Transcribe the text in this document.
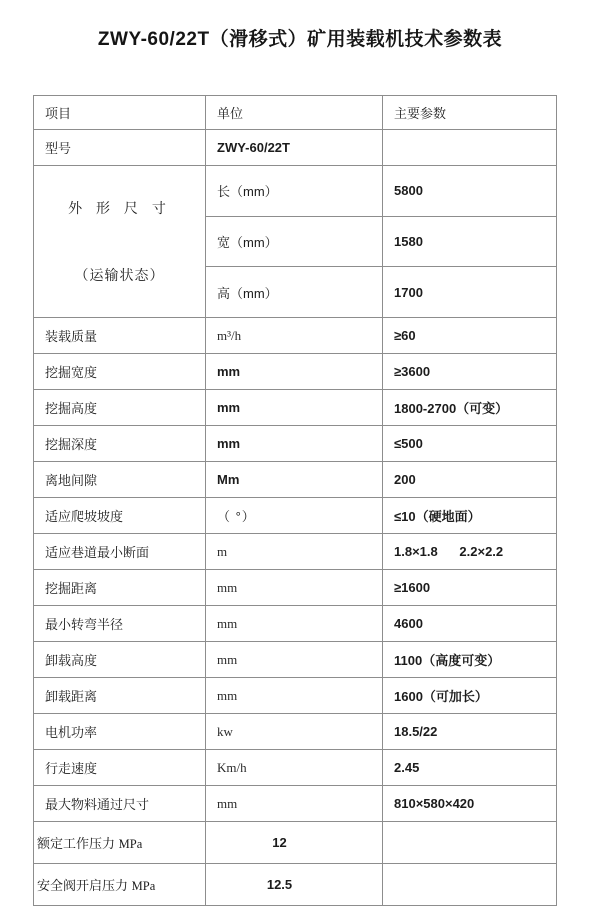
ZWY-60/22T（滑移式）矿用装载机技术参数表
项目	单位	主要参数
型号	ZWY-60/22T	

外 形 尺 寸

（运输状态）	长（mm）	5800
	宽（mm）	1580
	高（mm）	1700
装载质量	m³/h	≥60
挖掘宽度	mm	≥3600
挖掘高度	mm	1800-2700（可变）
挖掘深度	mm	≤500
离地间隙	Mm	200
适应爬坡坡度	（ °）	≤10（硬地面）
适应巷道最小断面	m	1.8×1.8      2.2×2.2
挖掘距离	mm	≥1600
最小转弯半径	mm	4600
卸载高度	mm	1100（高度可变）
卸载距离	mm	1600（可加长）
电机功率	kw	18.5/22
行走速度	Km/h	2.45
最大物料通过尺寸	mm	810×580×420
额定工作压力 MPa	12	
安全阀开启压力 MPa	12.5	
